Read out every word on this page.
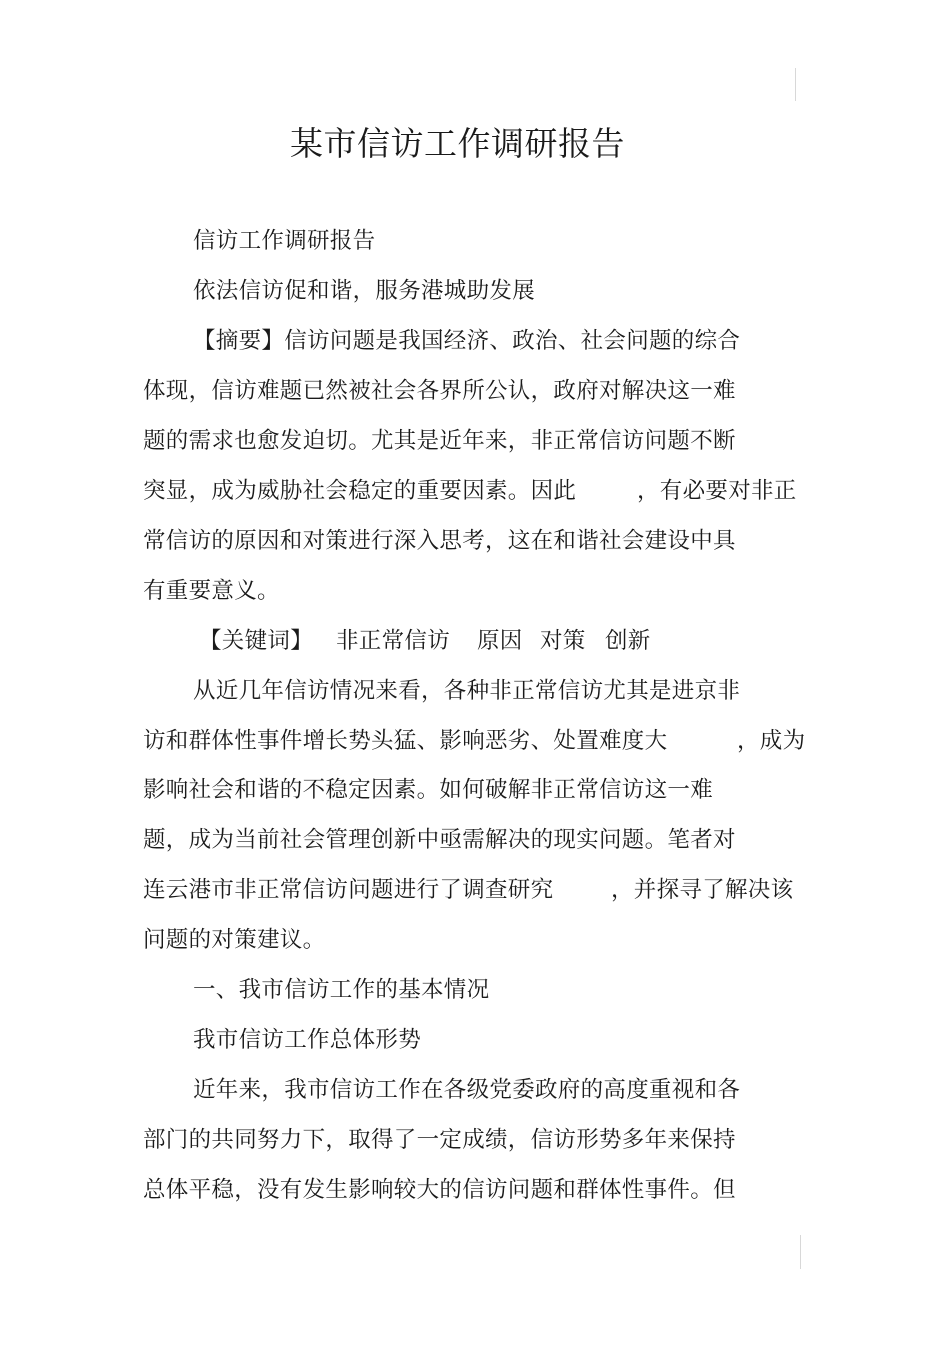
某市信访工作调研报告
信访工作调研报告
依法信访促和谐，服务港城助发展
【摘要】信访问题是我国经济、政治、社会问题的综合
体现，信访难题已然被社会各界所公认，政府对解决这一难
题的需求也愈发迫切。尤其是近年来，非正常信访问题不断
突显，成为威胁社会稳定的重要因素。因此	，有必要对非正
常信访的原因和对策进行深入思考，这在和谐社会建设中具
有重要意义。
【关键词】 非正常信访 原因 对策 创新
从近几年信访情况来看，各种非正常信访尤其是进京非
访和群体性事件增长势头猛、影响恶劣、处置难度大	，成为
影响社会和谐的不稳定因素。如何破解非正常信访这一难
题，成为当前社会管理创新中亟需解决的现实问题。笔者对
连云港市非正常信访问题进行了调查研究	，并探寻了解决该
问题的对策建议。
一、我市信访工作的基本情况
我市信访工作总体形势
近年来，我市信访工作在各级党委政府的高度重视和各
部门的共同努力下，取得了一定成绩，信访形势多年来保持
总体平稳，没有发生影响较大的信访问题和群体性事件。但
